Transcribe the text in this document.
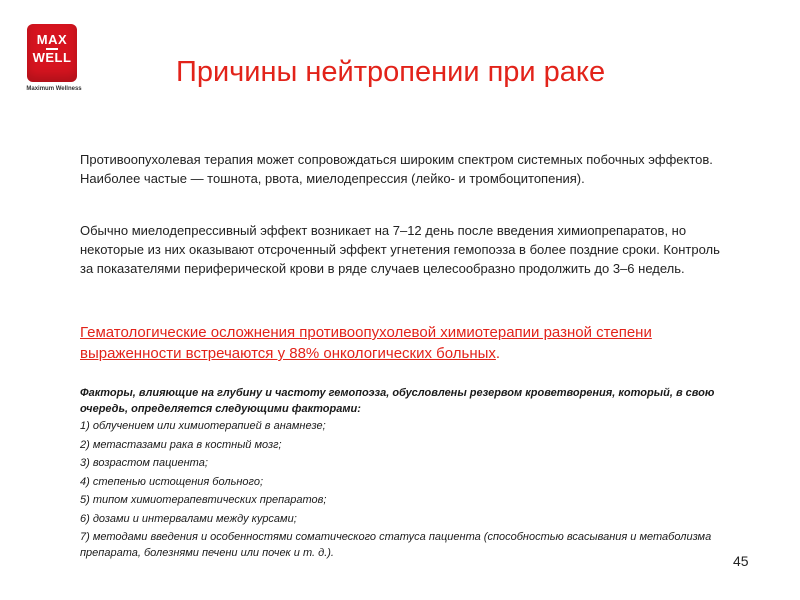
MAX
WELL
Maximum Wellness
Причины нейтропении при раке

Противоопухолевая терапия может сопровождаться широким спектром системных побочных эффектов. Наиболее частые — тошнота, рвота, миелодепрессия (лейко- и тромбоцитопения).

Обычно миелодепрессивный эффект возникает на 7–12 день после введения химиопрепаратов, но некоторые из них оказывают отсроченный эффект угнетения гемопоэза в более поздние сроки. Контроль за показателями периферической крови в ряде случаев целесообразно продолжить до 3–6 недель.

Гематологические осложнения противоопухолевой химиотерапии разной степени выраженности встречаются у 88% онкологических больных.

Факторы, влияющие на глубину и частоту гемопоэза, обусловлены резервом кроветворения, который, в свою очередь, определяется следующими факторами:

1) облучением или химиотерапией в анамнезе;
2) метастазами рака в костный мозг;
3) возрастом пациента;
4) степенью истощения больного;
5) типом химиотерапевтических препаратов;
6) дозами и интервалами между курсами;
7) методами введения и особенностями соматического статуса пациента (способностью всасывания и метаболизма препарата, болезнями печени или почек и т. д.).
45
